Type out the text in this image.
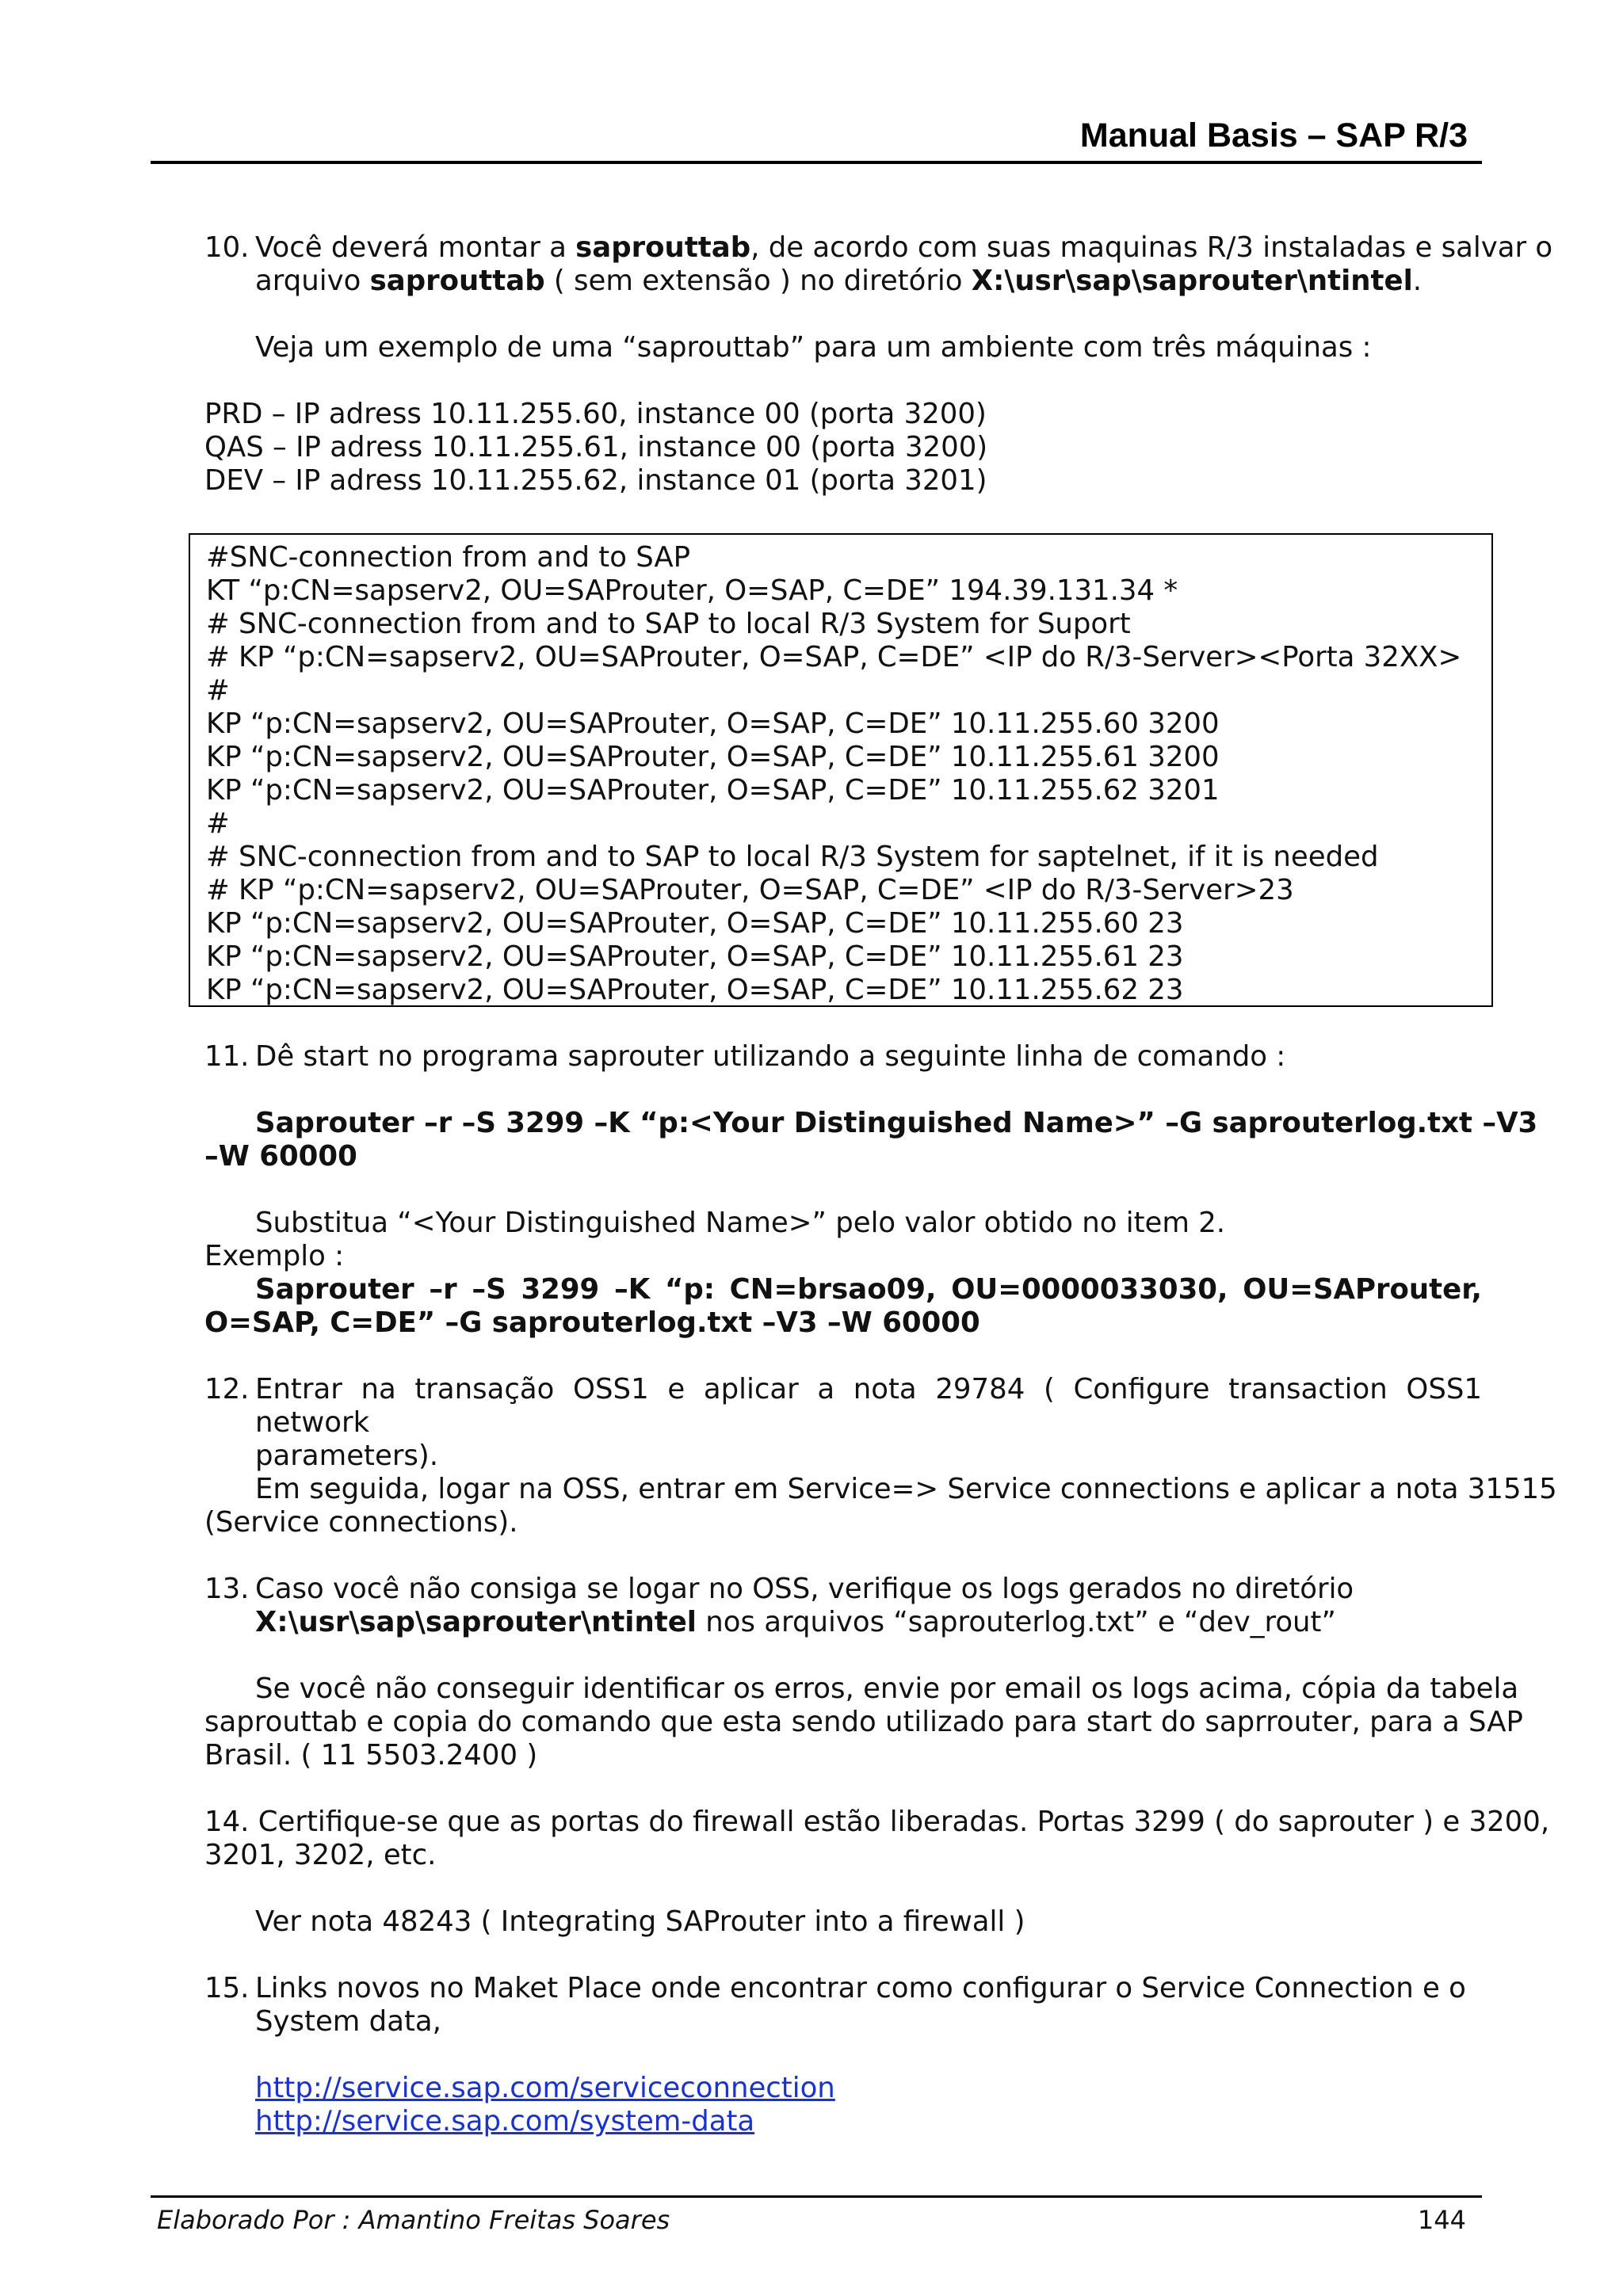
Manual Basis – SAP R/3
10. Você deverá montar a saprouttab, de acordo com suas maquinas R/3 instaladas e salvar o
arquivo saprouttab ( sem extensão ) no diretório X:\usr\sap\saprouter\ntintel.
Veja um exemplo de uma “saprouttab” para um ambiente com três máquinas :
PRD – IP adress 10.11.255.60, instance 00 (porta 3200)
QAS – IP adress 10.11.255.61, instance 00 (porta 3200)
DEV – IP adress 10.11.255.62, instance 01 (porta 3201)
#SNC-connection from and to SAP
KT “p:CN=sapserv2, OU=SAProuter, O=SAP, C=DE” 194.39.131.34 *
# SNC-connection from and to SAP to local R/3 System for Suport
# KP “p:CN=sapserv2, OU=SAProuter, O=SAP, C=DE” <IP do R/3-Server><Porta 32XX>
#
KP “p:CN=sapserv2, OU=SAProuter, O=SAP, C=DE” 10.11.255.60 3200
KP “p:CN=sapserv2, OU=SAProuter, O=SAP, C=DE” 10.11.255.61 3200
KP “p:CN=sapserv2, OU=SAProuter, O=SAP, C=DE” 10.11.255.62 3201
#
# SNC-connection from and to SAP to local R/3 System for saptelnet, if it is needed
# KP “p:CN=sapserv2, OU=SAProuter, O=SAP, C=DE” <IP do R/3-Server>23
KP “p:CN=sapserv2, OU=SAProuter, O=SAP, C=DE” 10.11.255.60 23
KP “p:CN=sapserv2, OU=SAProuter, O=SAP, C=DE” 10.11.255.61 23
KP “p:CN=sapserv2, OU=SAProuter, O=SAP, C=DE” 10.11.255.62 23
11. Dê start no programa saprouter utilizando a seguinte linha de comando :
Saprouter –r –S 3299 –K “p:<Your Distinguished Name>” –G saprouterlog.txt –V3
–W 60000
Substitua “<Your Distinguished Name>” pelo valor obtido no item 2.
Exemplo :
Saprouter –r –S 3299 –K “p: CN=brsao09, OU=0000033030, OU=SAProuter,
O=SAP, C=DE” –G saprouterlog.txt –V3 –W 60000
12. Entrar na transação OSS1 e aplicar a nota 29784 ( Configure transaction OSS1 network
parameters).
Em seguida, logar na OSS, entrar em Service=> Service connections e aplicar a nota 31515
(Service connections).
13. Caso você não consiga se logar no OSS, verifique os logs gerados no diretório
X:\usr\sap\saprouter\ntintel nos arquivos “saprouterlog.txt” e “dev_rout”
Se você não conseguir identificar os erros, envie por email os logs acima, cópia da tabela
saprouttab e copia do comando que esta sendo utilizado para start do saprrouter, para a SAP
Brasil. ( 11 5503.2400 )
14. Certifique-se que as portas do firewall estão liberadas. Portas 3299 ( do saprouter ) e 3200,
3201, 3202, etc.
Ver nota 48243 ( Integrating SAProuter into a firewall )
15. Links novos no Maket Place onde encontrar como configurar o Service Connection e o
System data,
http://service.sap.com/serviceconnection
http://service.sap.com/system-data
Elaborado Por : Amantino Freitas Soares	144
